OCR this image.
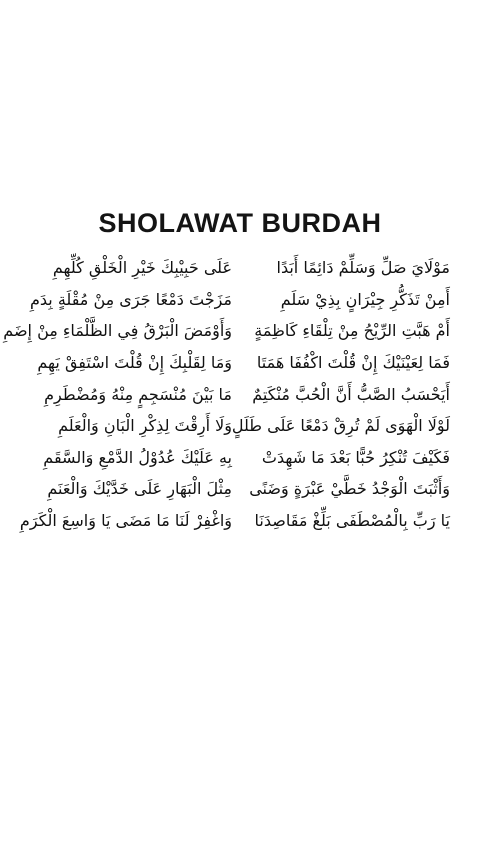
SHOLAWAT BURDAH
مَوْلَايَ صَلِّ وَسَلِّمْ دَائِمًا أَبَدًا
عَلَى حَبِيْبِكَ خَيْرِ الْخَلْقِ كُلِّهِمِ
أَمِنْ تَذَكُّرِ جِيْرَانٍ بِذِيْ سَلَمِ
مَزَجْتَ دَمْعًا جَرَى مِنْ مُقْلَةٍ بِدَمِ
أَمْ هَبَّتِ الرِّيْحُ مِنْ تِلْقَاءِ كَاظِمَةٍ
وَأَوْمَضَ الْبَرْقُ فِي الظَّلْمَاءِ مِنْ إِضَمِ
فَمَا لِعَيْنَيْكَ إِنْ قُلْتَ اكْفُفَا هَمَتَا
وَمَا لِقَلْبِكَ إِنْ قُلْتَ اسْتَفِقْ يَهِمِ
أَيَحْسَبُ الصَّبُّ أَنَّ الْحُبَّ مُنْكَتِمٌ
مَا بَيْنَ مُنْسَجِمٍ مِنْهُ وَمُضْطَرِمِ
لَوْلَا الْهَوَى لَمْ تُرِقْ دَمْعًا عَلَى طَلَلٍ
وَلَا أَرِقْتَ لِذِكْرِ الْبَانِ وَالْعَلَمِ
فَكَيْفَ تُنْكِرُ حُبًّا بَعْدَ مَا شَهِدَتْ
بِهِ عَلَيْكَ عُدُوْلُ الدَّمْعِ وَالسَّقَمِ
وَأَثْبَتَ الْوَجْدُ خَطَّيْ عَبْرَةٍ وَضَنًى
مِثْلَ الْبَهَارِ عَلَى خَدَّيْكَ وَالْعَنَمِ
يَا رَبِّ بِالْمُصْطَفَى بَلِّغْ مَقَاصِدَنَا
وَاغْفِرْ لَنَا مَا مَضَى يَا وَاسِعَ الْكَرَمِ
